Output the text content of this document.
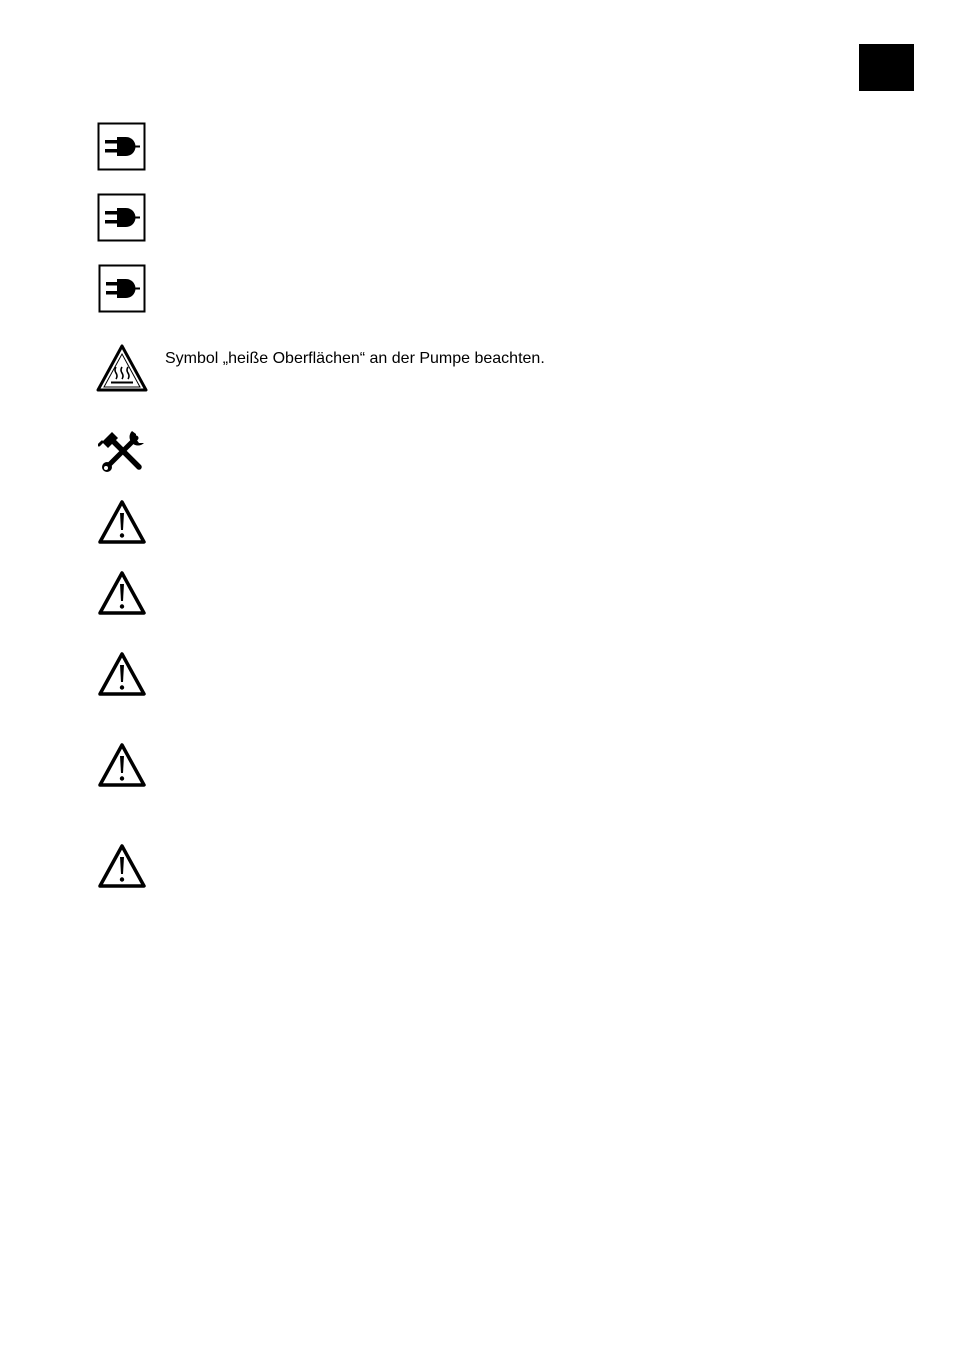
Symbol „heiße Oberflächen“ an der Pumpe beachten.
